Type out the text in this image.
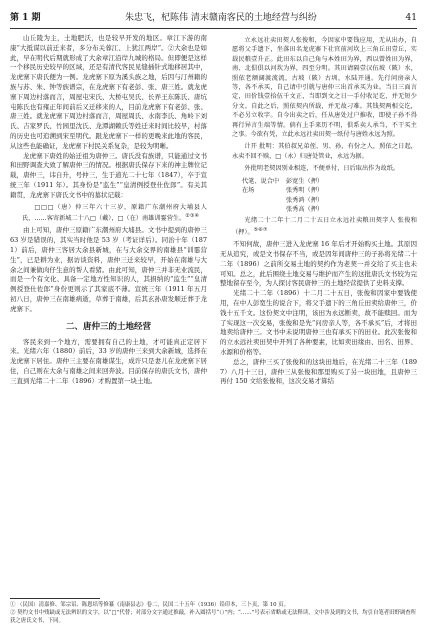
第 1 期	朱忠飞，杞陈伟 清末赣南客民的土地经营与纠纷	41

山丘陵为主，土地肥沃，也是较早开发的地区。章江下游的南康“大抵谋以前迁来者，多分布关蓉江、上犹江两岸”。②大余也是如此，早在明代后期就形成了大余章江沿岸九城的格局。但即便是这样一个移民历史较早的区域，还是有清代客民见缝插针式地移居其中，龙虎寨下唐氏便为一例。龙虎寨下原为溪头族之地，后因与汀州籍的族与苏、朱、钟等族谱宗，在龙虎寨下有老彭、张、唐三姓。就龙虎寨下周边村落而言，周屋屯宋氏、大桥屯吴氏、长弄王东陈氏、唐坑屯陈氏也有雍正年间前后又迁移来的人，目前龙虎寨下有老彭、张、唐三姓。就龙虎寨下周边村落而言，周屋周氏、水南李氏、角岭下刘氏、吉家罗氏、竹园里沈氏、龙潭湖赖氏等姓迁来时间比较早，村落的历史也可追溯到宋至明代。跟龙虎寨下一样的更晚来此地的客民，从这些也能确证，龙虎寨下村民关系复杂，是较为明晰。

龙虎寨下唐姓的始迁祖为唐仲三。唐氏没有族谱，只能通过文书和田野调查大致了解唐仲三的情况。根据唐氏保存下来的神主牌位记载，唐仲三，讳自升，号仲三，生于道光二十七年（1847），卒于宣统三年（1911 年）。其身份是“监生”“皇清例授登仕佐郎”。有关其籍贯，龙虎寨下唐氏文书中的墓状记载：

□□□（唐）仲三年六十三岁，原籍广东潮州府大埔县人氏，……客寄新城二十八□（戴），□（在）南雄训霎营生。②③④

由上可知，唐仲三原籍广东潮州府大埔县。文书中提到的唐仲三 63 岁是错误的，其实当时他是 53 岁（考证详后）。同治十年（1871）前后，唐仲三客居大余县新城，在与大余交界的南雄县“训霎营生”，已是耕为业，据访谈资料，唐仲三迁来较早，开始在南雄与大余之间兼做肉仔生意的帮人看猪。由此可知，唐仲三并非无业流民，而是一个有文化、具备一定地方性知识的人，其捐纳的“监生”“皇清例授登仕佐郎”身份更则示了其家底不薄。宣统三年（1911 年五月初八日，唐仲三在南雄病逝，草葬于南雄，后其玄孙唐发顺迁葬于龙虎寨下。

二、唐仲三的土地经营

客民来到一个地方，需要拥有自己的土地，才可能真正定居下来。光绪六年（1880）前后，33 岁的唐仲三来到大余新城，选择在龙虎寨下居住。唐仲三主要在南雄谋生，成许只是妻儿在龙虎寨下居住，自己则在大余与南雄之间来回奔波。目前保存的唐氏文书，唐仲三直到光绪二十二年（1896）才购置第一块土地。

立永远社卖田契人张俊和，今因家中要钱应用，无从出办，自愿将父手遗下，坐落田名龙虎寨下社官前河坎上三角丘田壹丘，实载民粮壹升正。此田东以自己角与本姓田为界，西以曾姓田为界，南、北俱俱以河坎为界，四至分明。其田请隔壹汉伍坡（陂）水，照依老额阔渡流流，古坡（陂）古圳，水陆开通。先行问房亲人等，各不承买，自己请中引就与唐仲三出首承买为业。当日三面言定，田价钱壹拾伍千文正，当即到文之日一手付收足讫，并无短少分文。自此之后，照依契内所载，并无故刁难。其钱契两相交讫，不必另立收字。自今出卖之后，任从唐处过户推收，即使子孙不得再行异言生端等情。倘有上手来历不明，俱系卖人承当，不干买主之事。今欲有凭，立此永远社卖田契一纸付与唐姓永远为照。
计开 批明：其伯叔兄弟侄、男、孙，有份之人，照依之日起，永卖不回不赎，□（永）归唐处管业，永远为据。
外批明老契因别业相连，不便单付，日后取出作为故纸。
代笔、说合中	彭宽生（押）
在场	张秀明（押）
张秀鸿（押）
张秀高（押）
光绪二十二年十二月二十五日立永远社卖粮田契字人 张俊和（押）。⑤⑥⑦

不知何故，唐仲三进入龙虎寨 16 年后才开始购买土地。其原因无从追究，或是文书保存不当，或是因年间唐仲三的子孙将光绪二十二年（1896）之前所交易土地的契约作为老契一并交给了买主也未可知。总之，此后围绕土地交易与维护而产生的这批唐氏文书较为完整地留存至今，为人探讨客民唐仲三的土地经营提供了史料支撑。

光绪二十二年（1896）十二月二十五日，张俊和因家中要钱使用，在中人彭宽生的说合下，将父手遗下的三角丘田卖给唐仲三，价钱十五千文。这份契文中注明，该田为永远断卖，故不能赎回。而为了实现这一次交易，张俊和是先“问房亲人等，各不承买”后，才将田地卖给唐仲三。文书中未说明唐仲三也有承买下的田业。此次张俊和的立永远社卖田契中开列了各种要素，比如卖田缘由、田名、田界、水源和价格等。

总之，唐仲三买了张俊和的这块田地后，在光绪二十三年（1897）八月十三日，唐仲三从张俊和那里购买了另一块田地，且唐仲三再付 150 文给张俊和，这次交易才算结

① （民国）清嘉修、邹宗诏、陈恩培等修纂《南康县志》卷二，民国二十五年（1936）铅印本，三卜页，第 10 页。
② 契约文书中残缺或无法辨识的文字，以“□”代替；对部分文字通过推敲，补入圆括号“（）”内；“……”号表示省略或无法释读，文中涉及到的文书，均引自笔者田野调查所获之唐氏文书，下同。
